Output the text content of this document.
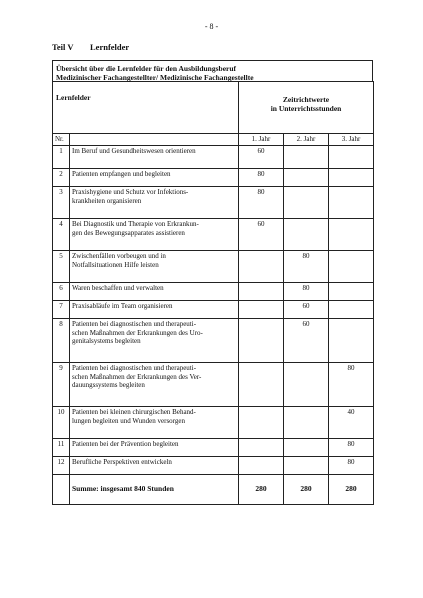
- 8 -
Teil V Lernfelder
Übersicht über die Lernfelder für den Ausbildungsberuf
Medizinischer Fachangestellter/ Medizinische Fachangestellte
Lernfelder		Zeitrichtwerte
in Unterrichtsstunden		

Nr.		1. Jahr	2. Jahr	3. Jahr
1	Im Beruf und Gesundheitswesen orientieren	60		
2	Patienten empfangen und begleiten	80		
3	Praxishygiene und Schutz vor Infektions-
krankheiten organisieren	80		
4	Bei Diagnostik und Therapie von Erkrankun-
gen des Bewegungsapparates assistieren	60		
5	Zwischenfällen vorbeugen und in
Notfallsituationen Hilfe leisten		80	
6	Waren beschaffen und verwalten		80	
7	Praxisabläufe im Team organisieren		60	
8	Patienten bei diagnostischen und therapeuti-
schen Maßnahmen der Erkrankungen des Uro-
genitalsystems begleiten		60	
9	Patienten bei diagnostischen und therapeuti-
schen Maßnahmen der Erkrankungen des Ver-
dauungssystems begleiten			80
10	Patienten bei kleinen chirurgischen Behand-
lungen begleiten und Wunden versorgen			40
11	Patienten bei der Prävention begleiten			80
12	Berufliche Perspektiven entwickeln			80
	Summe: insgesamt 840 Stunden	280	280	280
